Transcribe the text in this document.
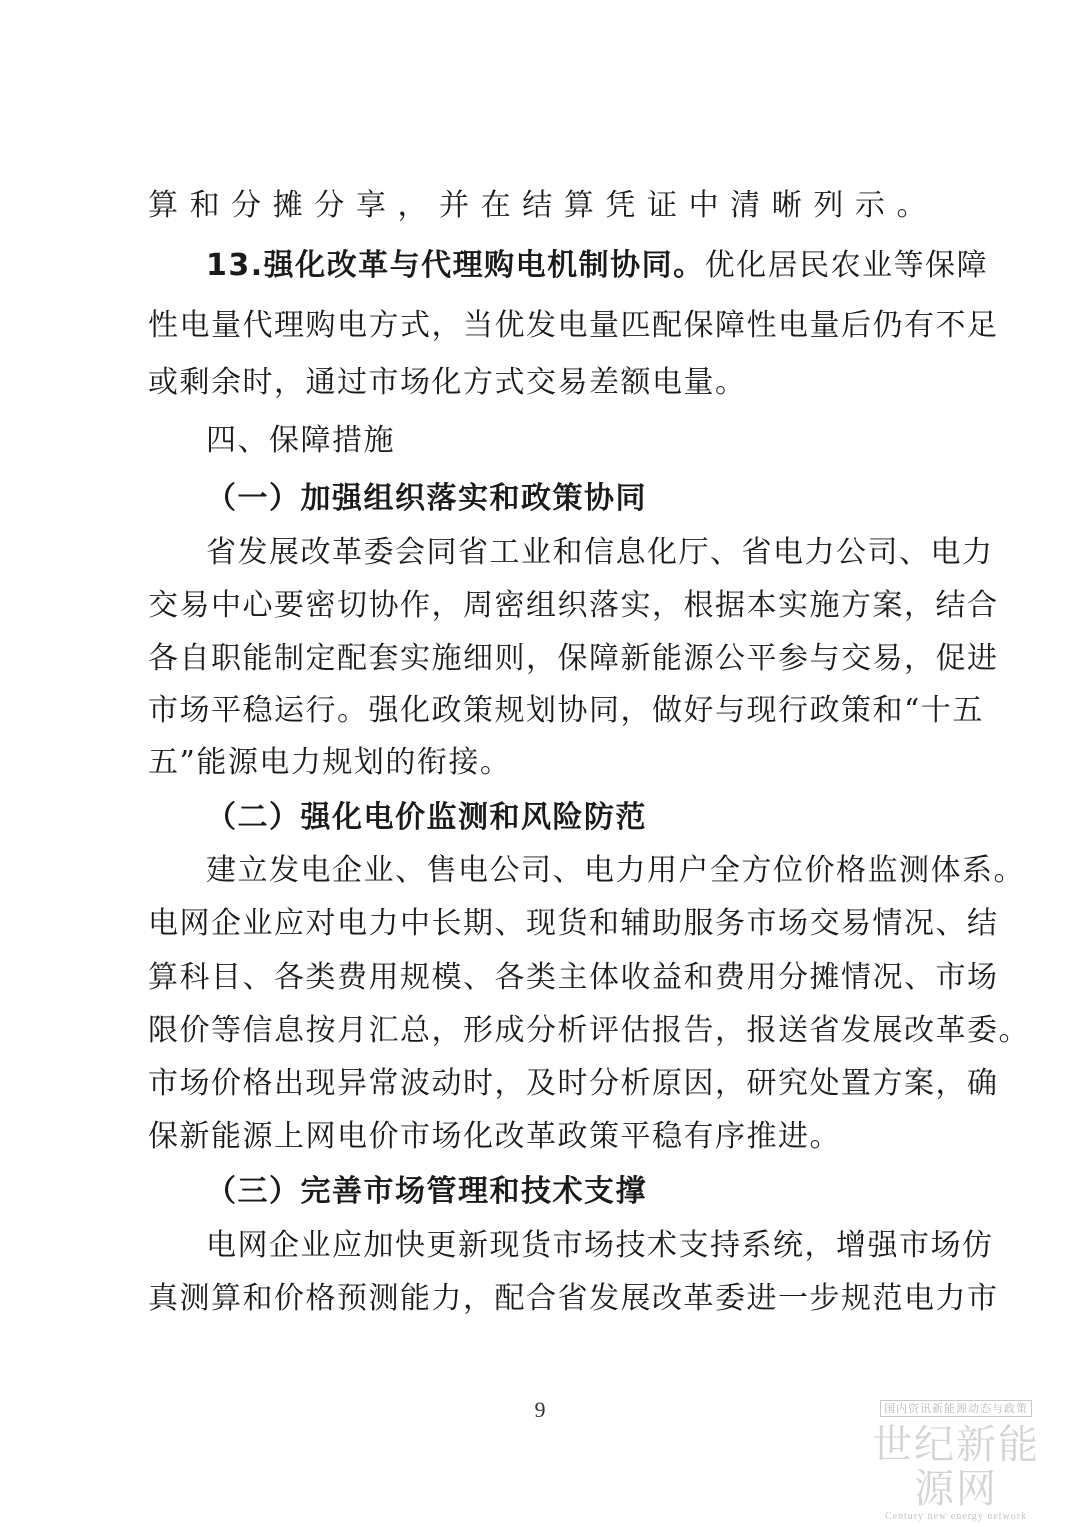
算和分摊分享，并在结算凭证中清晰列示。
13.强化改革与代理购电机制协同。优化居民农业等保障
性电量代理购电方式，当优发电量匹配保障性电量后仍有不足
或剩余时，通过市场化方式交易差额电量。
四、保障措施
（一）加强组织落实和政策协同
省发展改革委会同省工业和信息化厅、省电力公司、电力
交易中心要密切协作，周密组织落实，根据本实施方案，结合
各自职能制定配套实施细则，保障新能源公平参与交易，促进
市场平稳运行。强化政策规划协同，做好与现行政策和“十五
五”能源电力规划的衔接。
（二）强化电价监测和风险防范
建立发电企业、售电公司、电力用户全方位价格监测体系。
电网企业应对电力中长期、现货和辅助服务市场交易情况、结
算科目、各类费用规模、各类主体收益和费用分摊情况、市场
限价等信息按月汇总，形成分析评估报告，报送省发展改革委。
市场价格出现异常波动时，及时分析原因，研究处置方案，确
保新能源上网电价市场化改革政策平稳有序推进。
（三）完善市场管理和技术支撑
电网企业应加快更新现货市场技术支持系统，增强市场仿
真测算和价格预测能力，配合省发展改革委进一步规范电力市
9	国内资讯新能源动态与政策
世纪新能源网
Century new energy network
